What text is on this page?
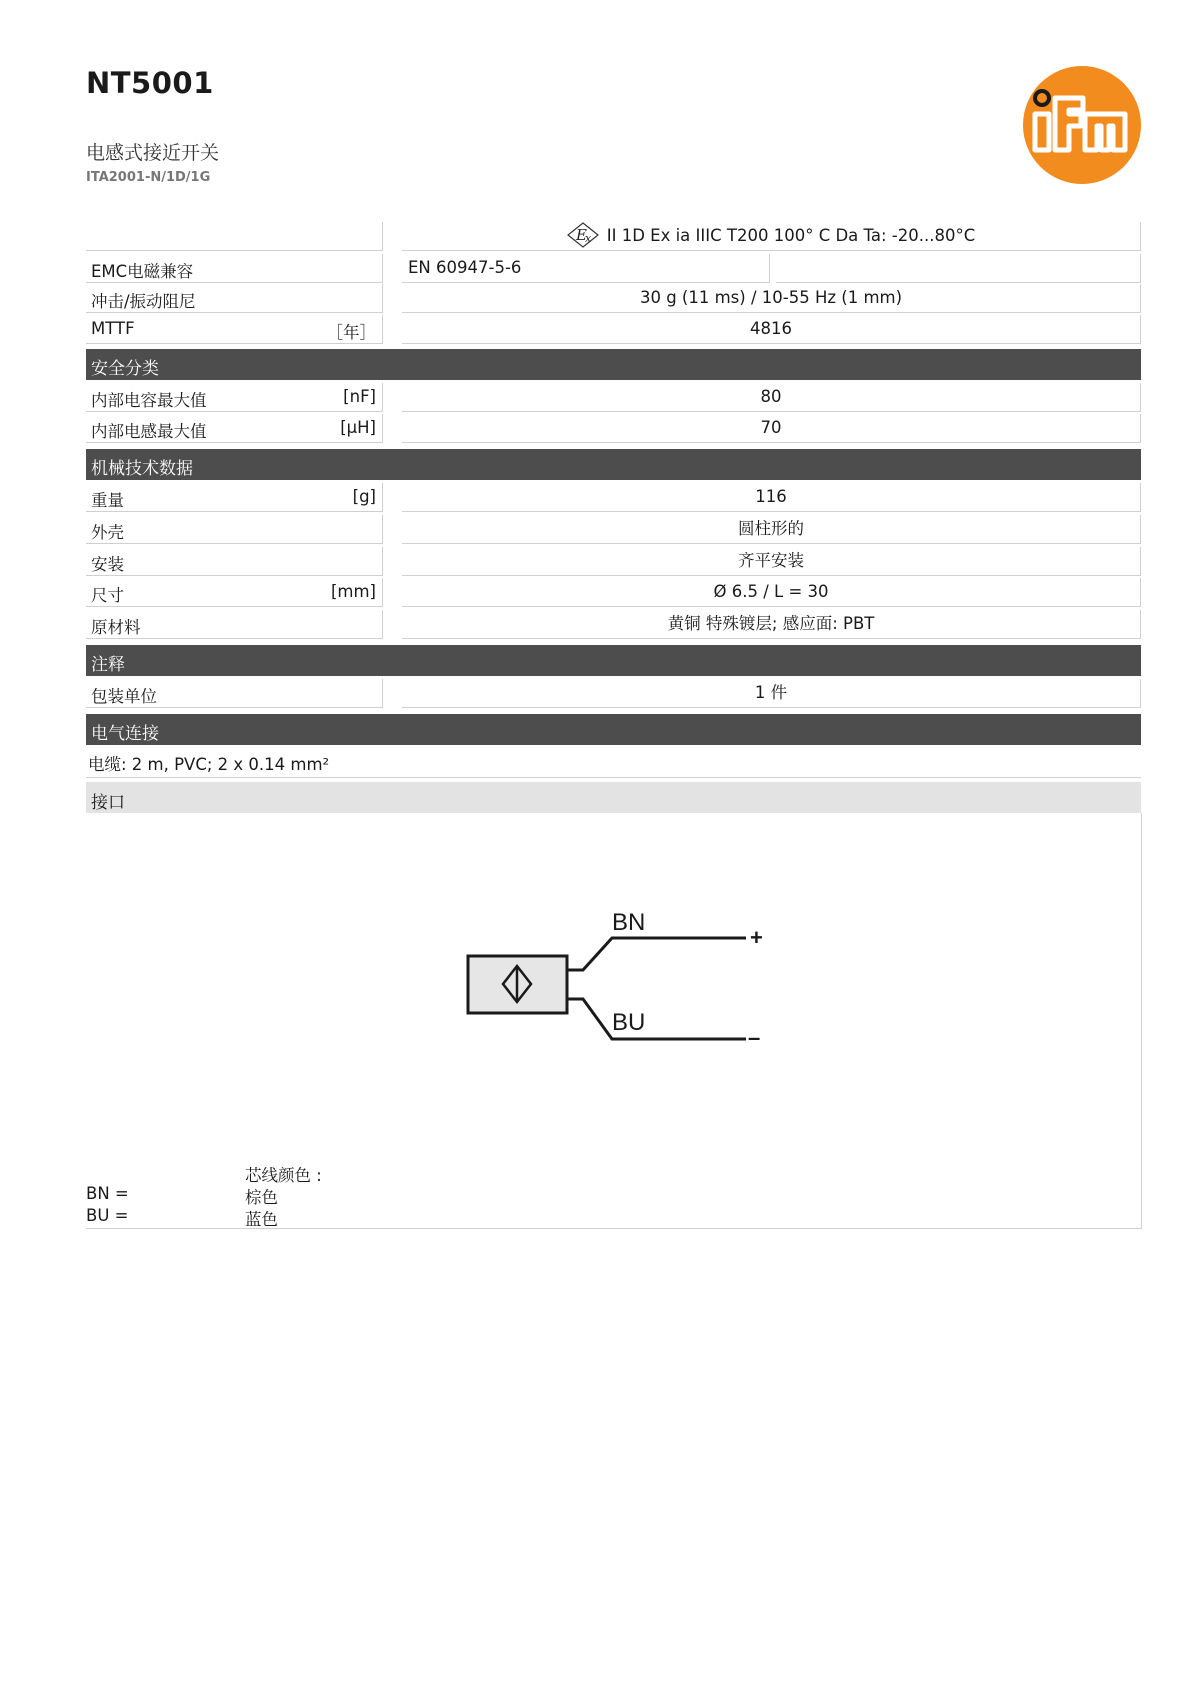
NT5001
电感式接近开关
ITA2001-N/1D/1G
E
x II 1D Ex ia IIIC T200 100° C Da Ta: -20...80°C
EMC电磁兼容	EN 60947-5-6
冲击/振动阻尼	30 g (11 ms) / 10-55 Hz (1 mm)
MTTF	［年］	4816
安全分类
内部电容最大值	[nF]	80
内部电感最大值	[µH]	70
机械技术数据
重量	[g]	116
外壳	圆柱形的
安装	齐平安装
尺寸	[mm]	Ø 6.5 / L = 30
原材料	黄铜 特殊镀层; 感应面: PBT
注释
包装单位	1 件
电气连接
电缆: 2 m, PVC; 2 x 0.14 mm²
接口
BN
BU
+
–
芯线颜色 :
BN =	棕色
BU =	蓝色
